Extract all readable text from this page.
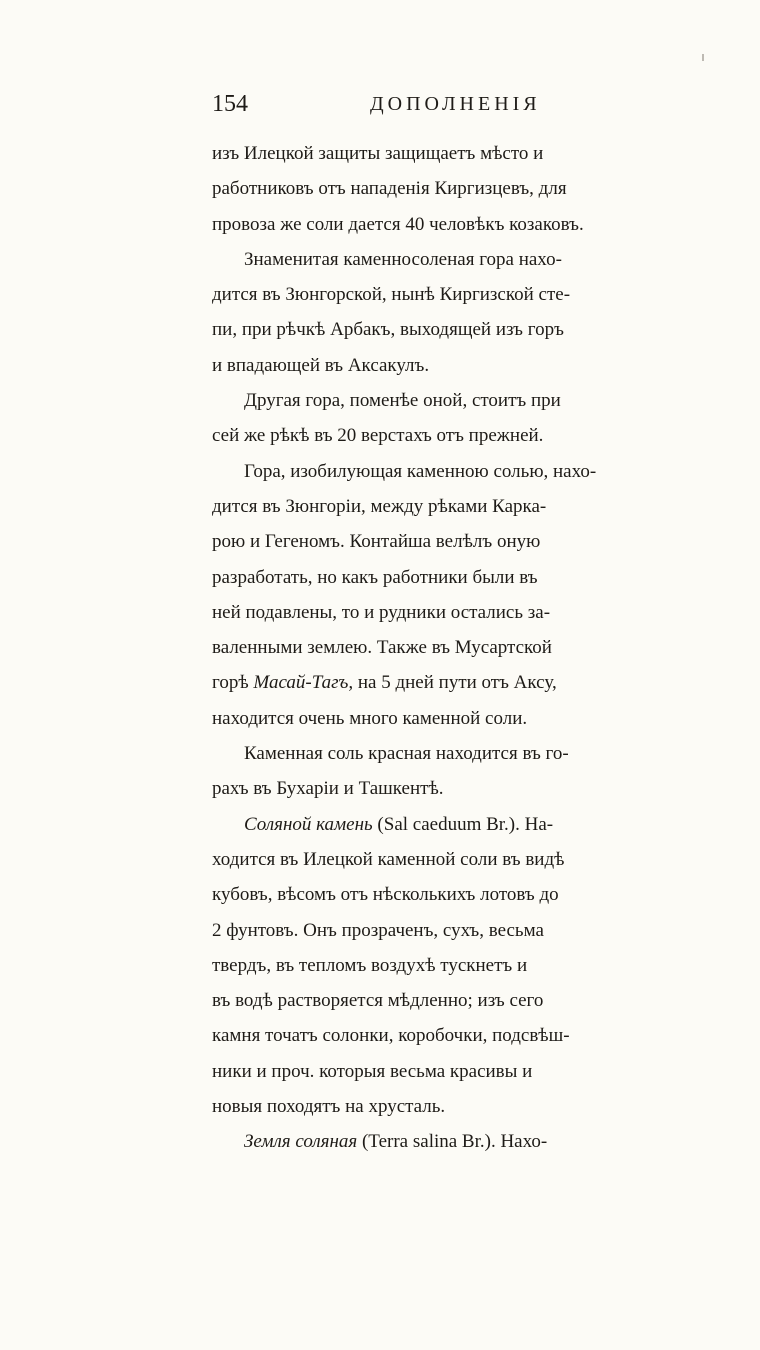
154	ДОПОЛНЕНІЯ
изъ Илецкой защиты защищаетъ мѣсто и
работниковъ отъ нападенія Киргизцевъ, для
провоза же соли дается 40 человѣкъ козаковъ.
Знаменитая каменносоленая гора нахо-
дится въ Зюнгорской, нынѣ Киргизской сте-
пи, при рѣчкѣ Арбакъ, выходящей изъ горъ
и впадающей въ Аксакулъ.
Другая гора, поменѣе оной, стоитъ при
сей же рѣкѣ въ 20 верстахъ отъ прежней.
Гора, изобилующая каменною солью, нахо-
дится въ Зюнгоріи, между рѣками Карка-
рою и Гегеномъ. Контайша велѣлъ оную
разработать, но какъ работники были въ
ней подавлены, то и рудники остались за-
валенными землею. Также въ Мусартской
горѣ Масай-Тагъ, на 5 дней пути отъ Аксу,
находится очень много каменной соли.
Каменная соль красная находится въ го-
рахъ въ Бухаріи и Ташкентѣ.
Соляной камень (Sal caeduum Br.). На-
ходится въ Илецкой каменной соли въ видѣ
кубовъ, вѣсомъ отъ нѣсколькихъ лотовъ до
2 фунтовъ. Онъ прозраченъ, сухъ, весьма
твердъ, въ тепломъ воздухѣ тускнетъ и
въ водѣ растворяется мѣдленно; изъ сего
камня точатъ солонки, коробочки, подсвѣш-
ники и проч. которыя весьма красивы и
новыя походятъ на хрусталь.
Земля соляная (Terra salina Br.). Нахо-
